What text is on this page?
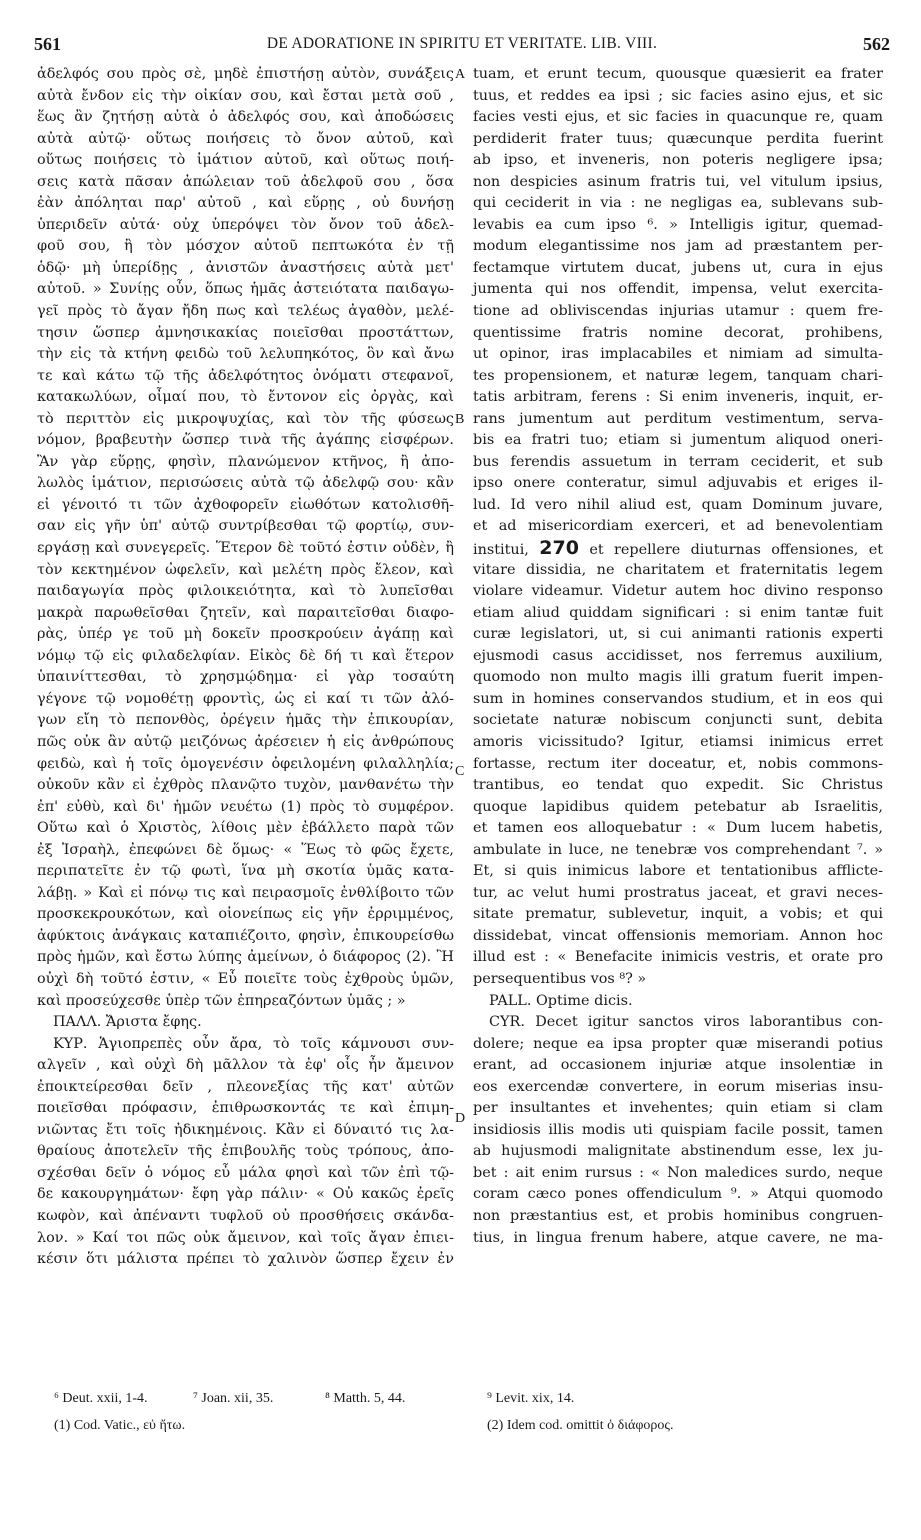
561	DE ADORATIONE IN SPIRITU ET VERITATE. LIB. VIII.	562
ἀδελφός σου πρὸς σὲ, μηδὲ ἐπιστήσῃ αὐτὸν, συνάξεις
αὐτὰ ἔνδον εἰς τὴν οἰκίαν σου, καὶ ἔσται μετὰ σοῦ ,
ἕως ἂν ζητήσῃ αὐτὰ ὁ ἀδελφός σου, καὶ ἀποδώσεις
αὐτὰ αὐτῷ· οὕτως ποιήσεις τὸ ὄνον αὐτοῦ, καὶ
οὕτως ποιήσεις τὸ ἱμάτιον αὐτοῦ, καὶ οὕτως ποιή-
σεις κατὰ πᾶσαν ἀπώλειαν τοῦ ἀδελφοῦ σου , ὅσα
ἐὰν ἀπόληται παρ' αὐτοῦ , καὶ εὕρῃς , οὐ δυνήσῃ
ὑπεριδεῖν αὐτά· οὐχ ὑπερόψει τὸν ὄνον τοῦ ἀδελ-
φοῦ σου, ἢ τὸν μόσχον αὐτοῦ πεπτωκότα ἐν τῇ
ὁδῷ· μὴ ὑπερίδῃς , ἀνιστῶν ἀναστήσεις αὐτὰ μετ'
αὐτοῦ. » Συνίῃς οὖν, ὅπως ἡμᾶς ἀστειότατα παιδαγω-
γεῖ πρὸς τὸ ἄγαν ἤδη πως καὶ τελέως ἀγαθὸν, μελέ-
τησιν ὥσπερ ἀμνησικακίας ποιεῖσθαι προστάττων,
τὴν εἰς τὰ κτήνη φειδὼ τοῦ λελυπηκότος, ὃν καὶ ἄνω
τε καὶ κάτω τῷ τῆς ἀδελφότητος ὀνόματι στεφανοῖ,
κατακωλύων, οἶμαί που, τὸ ἔντονον εἰς ὀργὰς, καὶ
τὸ περιττὸν εἰς μικροψυχίας, καὶ τὸν τῆς φύσεως
νόμον, βραβευτὴν ὥσπερ τινὰ τῆς ἀγάπης εἰσφέρων.
Ἂν γὰρ εὕρῃς, φησὶν, πλανώμενον κτῆνος, ἢ ἀπο-
λωλὸς ἱμάτιον, περισώσεις αὐτὰ τῷ ἀδελφῷ σου· κἂν
εἰ γένοιτό τι τῶν ἀχθοφορεῖν εἰωθότων κατολισθῆ-
σαν εἰς γῆν ὑπ' αὐτῷ συντρίβεσθαι τῷ φορτίῳ, συν-
εργάσῃ καὶ συνεγερεῖς. Ἕτερον δὲ τοῦτό ἐστιν οὐδὲν, ἢ
τὸν κεκτημένον ὠφελεῖν, καὶ μελέτη πρὸς ἔλεον, καὶ
παιδαγωγία πρὸς φιλοικειότητα, καὶ τὸ λυπεῖσθαι
μακρὰ παρωθεῖσθαι ζητεῖν, καὶ παραιτεῖσθαι διαφο-
ρὰς, ὑπέρ γε τοῦ μὴ δοκεῖν προσκρούειν ἀγάπῃ καὶ
νόμῳ τῷ εἰς φιλαδελφίαν. Εἰκὸς δὲ δή τι καὶ ἕτερον
ὑπαινίττεσθαι, τὸ χρησμῴδημα· εἰ γὰρ τοσαύτη
γέγονε τῷ νομοθέτῃ φροντὶς, ὡς εἰ καί τι τῶν ἀλό-
γων εἴη τὸ πεπονθὸς, ὀρέγειν ἡμᾶς τὴν ἐπικουρίαν,
πῶς οὐκ ἂν αὐτῷ μειζόνως ἀρέσειεν ἡ εἰς ἀνθρώπους
φειδὼ, καὶ ἡ τοῖς ὁμογενέσιν ὀφειλομένη φιλαλληλία;
οὐκοῦν κἂν εἰ ἐχθρὸς πλανῷτο τυχὸν, μανθανέτω τὴν
ἐπ' εὐθὺ, καὶ δι' ἡμῶν νευέτω (1) πρὸς τὸ συμφέρον.
Οὕτω καὶ ὁ Χριστὸς, λίθοις μὲν ἐβάλλετο παρὰ τῶν
ἐξ Ἰσραὴλ, ἐπεφώνει δὲ ὅμως· « Ἕως τὸ φῶς ἔχετε,
περιπατεῖτε ἐν τῷ φωτὶ, ἵνα μὴ σκοτία ὑμᾶς κατα-
λάβῃ. » Καὶ εἰ πόνῳ τις καὶ πειρασμοῖς ἐνθλίβοιτο τῶν
προσκεκρουκότων, καὶ οἱονείπως εἰς γῆν ἐρριμμένος,
ἀφύκτοις ἀνάγκαις καταπιέζοιτο, φησὶν, ἐπικουρείσθω
πρὸς ἡμῶν, καὶ ἔστω λύπης ἀμείνων, ὁ διάφορος (2). Ἢ
οὐχὶ δὴ τοῦτό ἐστιν, « Εὖ ποιεῖτε τοὺς ἐχθροὺς ὑμῶν,
καὶ προσεύχεσθε ὑπὲρ τῶν ἐπηρεαζόντων ὑμᾶς ; »
ΠΑΛΛ. Ἄριστα ἔφης.
ΚΥΡ. Ἁγιοπρεπὲς οὖν ἄρα, τὸ τοῖς κάμνουσι συν-
αλγεῖν , καὶ οὐχὶ δὴ μᾶλλον τὰ ἐφ' οἷς ἦν ἄμεινον
ἐποικτείρεσθαι δεῖν , πλεονεξίας τῆς κατ' αὐτῶν
ποιεῖσθαι πρόφασιν, ἐπιθρωσκοντάς τε καὶ ἐπιμη-
νιῶντας ἔτι τοῖς ἠδικημένοις. Κἂν εἰ δύναιτό τις λα-
θραίους ἀποτελεῖν τῆς ἐπιβουλῆς τοὺς τρόπους, ἀπο-
σχέσθαι δεῖν ὁ νόμος εὖ μάλα φησὶ καὶ τῶν ἐπὶ τῷ-
δε κακουργημάτων· ἔφη γὰρ πάλιν· « Οὐ κακῶς ἐρεῖς
κωφὸν, καὶ ἀπέναντι τυφλοῦ οὐ προσθήσεις σκάνδα-
λον. » Καί τοι πῶς οὐκ ἄμεινον, καὶ τοῖς ἄγαν ἐπιει-
κέσιν ὅτι μάλιστα πρέπει τὸ χαλινὸν ὥσπερ ἔχειν ἐν
tuam, et erunt tecum, quousque quæsierit ea frater
tuus, et reddes ea ipsi ; sic facies asino ejus, et sic
facies vesti ejus, et sic facies in quacunque re, quam
perdiderit frater tuus; quæcunque perdita fuerint
ab ipso, et inveneris, non poteris negligere ipsa;
non despicies asinum fratris tui, vel vitulum ipsius,
qui ceciderit in via : ne negligas ea, sublevans sub-
levabis ea cum ipso ⁶. » Intelligis igitur, quemad-
modum elegantissime nos jam ad præstantem per-
fectamque virtutem ducat, jubens ut, cura in ejus
jumenta qui nos offendit, impensa, velut exercita-
tione ad obliviscendas injurias utamur : quem fre-
quentissime fratris nomine decorat, prohibens,
ut opinor, iras implacabiles et nimiam ad simulta-
tes propensionem, et naturæ legem, tanquam chari-
tatis arbitram, ferens : Si enim inveneris, inquit, er-
rans jumentum aut perditum vestimentum, serva-
bis ea fratri tuo; etiam si jumentum aliquod oneri-
bus ferendis assuetum in terram ceciderit, et sub
ipso onere conteratur, simul adjuvabis et eriges il-
lud. Id vero nihil aliud est, quam Dominum juvare,
et ad misericordiam exerceri, et ad benevolentiam
institui, 270 et repellere diuturnas offensiones, et
vitare dissidia, ne charitatem et fraternitatis legem
violare videamur. Videtur autem hoc divino responso
etiam aliud quiddam significari : si enim tantæ fuit
curæ legislatori, ut, si cui animanti rationis experti
ejusmodi casus accidisset, nos ferremus auxilium,
quomodo non multo magis illi gratum fuerit impen-
sum in homines conservandos studium, et in eos qui
societate naturæ nobiscum conjuncti sunt, debita
amoris vicissitudo? Igitur, etiamsi inimicus erret
fortasse, rectum iter doceatur, et, nobis commons-
trantibus, eo tendat quo expedit. Sic Christus
quoque lapidibus quidem petebatur ab Israelitis,
et tamen eos alloquebatur : « Dum lucem habetis,
ambulate in luce, ne tenebræ vos comprehendant ⁷. »
Et, si quis inimicus labore et tentationibus afflicte-
tur, ac velut humi prostratus jaceat, et gravi neces-
sitate prematur, sublevetur, inquit, a vobis; et qui
dissidebat, vincat offensionis memoriam. Annon hoc
illud est : « Benefacite inimicis vestris, et orate pro
persequentibus vos ⁸? »
PALL. Optime dicis.
CYR. Decet igitur sanctos viros laborantibus con-
dolere; neque ea ipsa propter quæ miserandi potius
erant, ad occasionem injuriæ atque insolentiæ in
eos exercendæ convertere, in eorum miserias insu-
per insultantes et invehentes; quin etiam si clam
insidiosis illis modis uti quispiam facile possit, tamen
ab hujusmodi malignitate abstinendum esse, lex ju-
bet : ait enim rursus : « Non maledices surdo, neque
coram cæco pones offendiculum ⁹. » Atqui quomodo
non præstantius est, et probis hominibus congruen-
tius, in lingua frenum habere, atque cavere, ne ma-
A
B
C
D
⁶ Deut. xxii, 1-4.	⁷ Joan. xii, 35.	⁸ Matth. 5, 44.	⁹ Levit. xix, 14.
(1) Cod. Vatic., εὐ ἤτω.	(2) Idem cod. omittit ὁ διάφορος.
